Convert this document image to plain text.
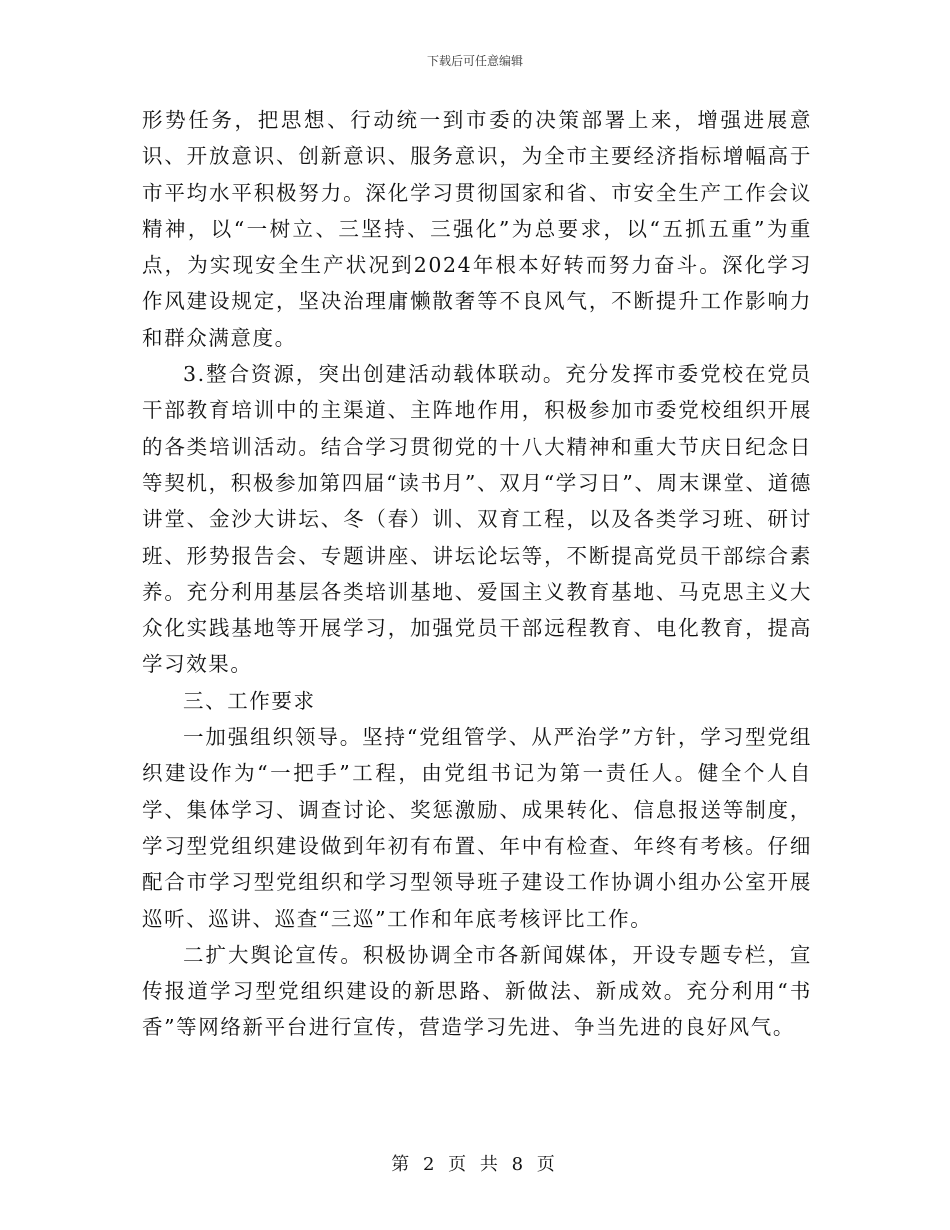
下载后可任意编辑

形势任务，把思想、行动统一到市委的决策部署上来，增强进展意识、开放意识、创新意识、服务意识，为全市主要经济指标增幅高于市平均水平积极努力。深化学习贯彻国家和省、市安全生产工作会议精神，以“一树立、三坚持、三强化”为总要求，以“五抓五重”为重点，为实现安全生产状况到2024年根本好转而努力奋斗。深化学习作风建设规定，坚决治理庸懒散奢等不良风气，不断提升工作影响力和群众满意度。

3.整合资源，突出创建活动载体联动。充分发挥市委党校在党员干部教育培训中的主渠道、主阵地作用，积极参加市委党校组织开展的各类培训活动。结合学习贯彻党的十八大精神和重大节庆日纪念日等契机，积极参加第四届“读书月”、双月“学习日”、周末课堂、道德讲堂、金沙大讲坛、冬（春）训、双育工程，以及各类学习班、研讨班、形势报告会、专题讲座、讲坛论坛等，不断提高党员干部综合素养。充分利用基层各类培训基地、爱国主义教育基地、马克思主义大众化实践基地等开展学习，加强党员干部远程教育、电化教育，提高学习效果。

三、工作要求

一加强组织领导。坚持“党组管学、从严治学”方针，学习型党组织建设作为“一把手”工程，由党组书记为第一责任人。健全个人自学、集体学习、调查讨论、奖惩激励、成果转化、信息报送等制度，学习型党组织建设做到年初有布置、年中有检查、年终有考核。仔细配合市学习型党组织和学习型领导班子建设工作协调小组办公室开展巡听、巡讲、巡查“三巡”工作和年底考核评比工作。

二扩大舆论宣传。积极协调全市各新闻媒体，开设专题专栏，宣传报道学习型党组织建设的新思路、新做法、新成效。充分利用“书香”等网络新平台进行宣传，营造学习先进、争当先进的良好风气。

第 2 页 共 8 页
